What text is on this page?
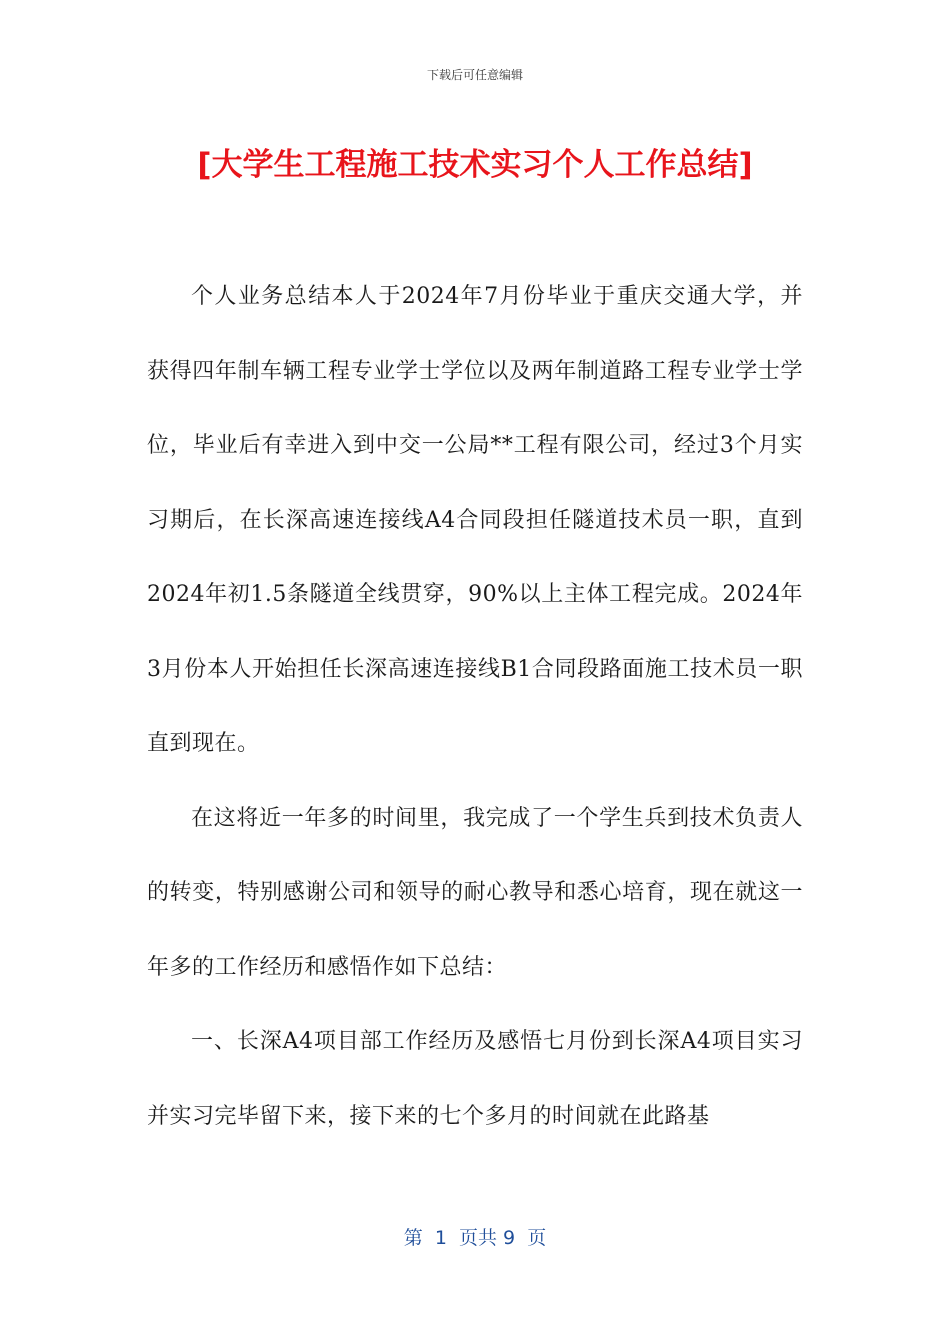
下载后可任意编辑
[大学生工程施工技术实习个人工作总结]

个人业务总结本人于2024年7月份毕业于重庆交通大学，并获得四年制车辆工程专业学士学位以及两年制道路工程专业学士学位，毕业后有幸进入到中交一公局**工程有限公司，经过3个月实习期后，在长深高速连接线A4合同段担任隧道技术员一职，直到2024年初1.5条隧道全线贯穿，90%以上主体工程完成。2024年3月份本人开始担任长深高速连接线B1合同段路面施工技术员一职直到现在。

在这将近一年多的时间里，我完成了一个学生兵到技术负责人的转变，特别感谢公司和领导的耐心教导和悉心培育，现在就这一年多的工作经历和感悟作如下总结：

一、长深A4项目部工作经历及感悟七月份到长深A4项目实习并实习完毕留下来，接下来的七个多月的时间就在此路基

第  1  页共 9  页
